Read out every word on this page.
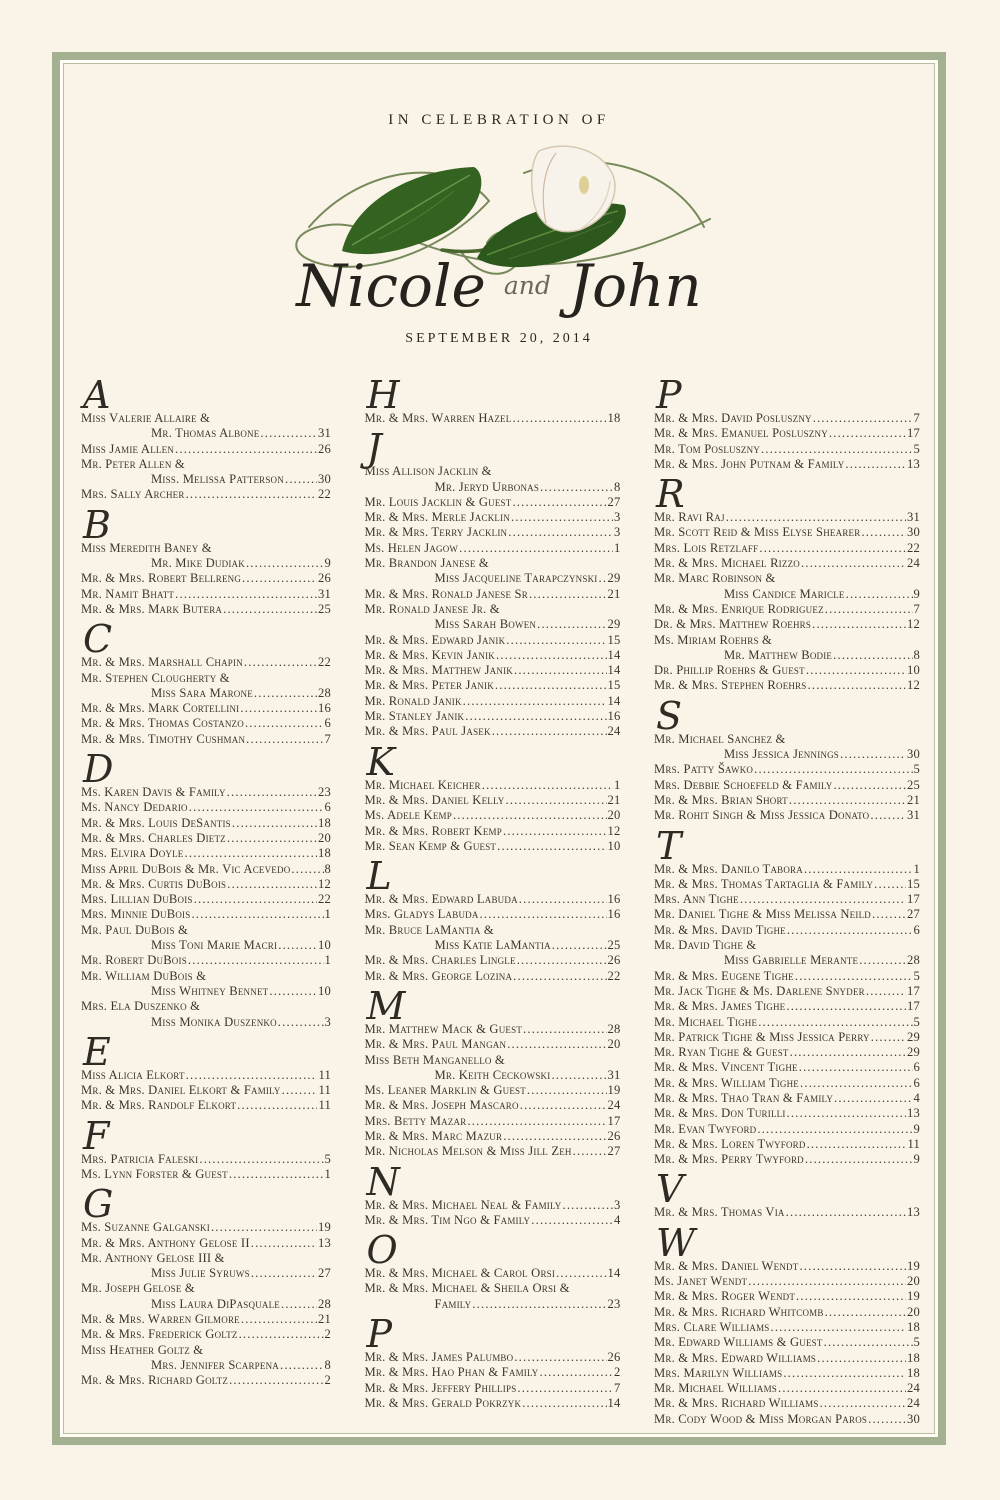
IN CELEBRATION OF
Nicole and John
SEPTEMBER 20, 2014
A
Miss Valerie Allaire &
Mr. Thomas Albone .....	31
Miss Jamie Allen .....	26
Mr. Peter Allen &
Miss. Melissa Patterson .....	30
Mrs. Sally Archer .....	22
B
Miss Meredith Baney &
Mr. Mike Dudiak .....	9
Mr. & Mrs. Robert Bellreng .....	26
Mr. Namit Bhatt .....	31
Mr. & Mrs. Mark Butera .....	25
C
Mr. & Mrs. Marshall Chapin .....	22
Mr. Stephen Clougherty &
Miss Sara Marone .....	28
Mr. & Mrs. Mark Cortellini .....	16
Mr. & Mrs. Thomas Costanzo .....	6
Mr. & Mrs. Timothy Cushman .....	7
D
Ms. Karen Davis & Family .....	23
Ms. Nancy Dedario .....	6
Mr. & Mrs. Louis DeSantis .....	18
Mr. & Mrs. Charles Dietz .....	20
Mrs. Elvira Doyle .....	18
Miss April DuBois & Mr. Vic Acevedo .....	8
Mr. & Mrs. Curtis DuBois .....	12
Mrs. Lillian DuBois .....	22
Mrs. Minnie DuBois .....	1
Mr. Paul DuBois &
Miss Toni Marie Macri .....	10
Mr. Robert DuBois .....	1
Mr. William DuBois &
Miss Whitney Bennet .....	10
Mrs. Ela Duszenko &
Miss Monika Duszenko .....	3
E
Miss Alicia Elkort .....	11
Mr. & Mrs. Daniel Elkort & Family .....	11
Mr. & Mrs. Randolf Elkort .....	11
F
Mrs. Patricia Faleski .....	5
Ms. Lynn Forster & Guest .....	1
G
Ms. Suzanne Galganski .....	19
Mr. & Mrs. Anthony Gelose II .....	13
Mr. Anthony Gelose III &
Miss Julie Syruws .....	27
Mr. Joseph Gelose &
Miss Laura DiPasquale .....	28
Mr. & Mrs. Warren Gilmore .....	21
Mr. & Mrs. Frederick Goltz .....	2
Miss Heather Goltz &
Mrs. Jennifer Scarpena .....	8
Mr. & Mrs. Richard Goltz .....	2
H
Mr. & Mrs. Warren Hazel .....	18
J
Miss Allison Jacklin &
Mr. Jeryd Urbonas .....	8
Mr. Louis Jacklin & Guest .....	27
Mr. & Mrs. Merle Jacklin .....	3
Mr. & Mrs. Terry Jacklin .....	3
Ms. Helen Jagow .....	1
Mr. Brandon Janese &
Miss Jacqueline Tarapczynski ..... 29
Mr. & Mrs. Ronald Janese Sr .....	21
Mr. Ronald Janese Jr. &
Miss Sarah Bowen .....	29
Mr. & Mrs. Edward Janik .....	15
Mr. & Mrs. Kevin Janik .....	14
Mr. & Mrs. Matthew Janik .....	14
Mr. & Mrs. Peter Janik .....	15
Mr. Ronald Janik .....	14
Mr. Stanley Janik .....	16
Mr. & Mrs. Paul Jasek .....	24
K
Mr. Michael Keicher .....	1
Mr. & Mrs. Daniel Kelly .....	21
Ms. Adele Kemp .....	20
Mr. & Mrs. Robert Kemp .....	12
Mr. Sean Kemp & Guest .....	10
L
Mr. & Mrs. Edward Labuda .....	16
Mrs. Gladys Labuda .....	16
Mr. Bruce LaMantia &
Miss Katie LaMantia .....	25
Mr. & Mrs. Charles Lingle .....	26
Mr. & Mrs. George Lozina .....	22
M
Mr. Matthew Mack & Guest .....	28
Mr. & Mrs. Paul Mangan .....	20
Miss Beth Manganello &
Mr. Keith Ceckowski .....	31
Ms. Leaner Marklin & Guest .....	19
Mr. & Mrs. Joseph Mascaro .....	24
Mrs. Betty Mazar .....	17
Mr. & Mrs. Marc Mazur .....	26
Mr. Nicholas Melson & Miss Jill Zeh .....	27
N
Mr. & Mrs. Michael Neal & Family .....	3
Mr. & Mrs. Tim Ngo & Family .....	4
O
Mr. & Mrs. Michael & Carol Orsi .....	14
Mr. & Mrs. Michael & Sheila Orsi &
Family .....	23
P
Mr. & Mrs. James Palumbo .....	26
Mr. & Mrs. Hao Phan & Family .....	2
Mr. & Mrs. Jeffery Phillips .....	7
Mr. & Mrs. Gerald Pokrzyk .....	14
P
Mr. & Mrs. David Posluszny .....	7
Mr. & Mrs. Emanuel Posluszny .....	17
Mr. Tom Posluszny .....	5
Mr. & Mrs. John Putnam & Family .....	13
R
Mr. Ravi Raj .....	31
Mr. Scott Reid & Miss Elyse Shearer .....	30
Mrs. Lois Retzlaff .....	22
Mr. & Mrs. Michael Rizzo .....	24
Mr. Marc Robinson &
Miss Candice Maricle .....	9
Mr. & Mrs. Enrique Rodriguez .....	7
Dr. & Mrs. Matthew Roehrs .....	12
Ms. Miriam Roehrs &
Mr. Matthew Bodie .....	8
Dr. Phillip Roehrs & Guest .....	10
Mr. & Mrs. Stephen Roehrs .....	12
S
Mr. Michael Sanchez &
Miss Jessica Jennings .....	30
Mrs. Patty Šawko .....	5
Mrs. Debbie Schoefeld & Family .....	25
Mr. & Mrs. Brian Short .....	21
Mr. Rohit Singh & Miss Jessica Donato .....	31
T
Mr. & Mrs. Danilo Tabora .....	1
Mr. & Mrs. Thomas Tartaglia & Family .....	15
Mrs. Ann Tighe .....	17
Mr. Daniel Tighe & Miss Melissa Neild .....	27
Mr. & Mrs. David Tighe .....	6
Mr. David Tighe &
Miss Gabrielle Merante .....	28
Mr. & Mrs. Eugene Tighe .....	5
Mr. Jack Tighe & Ms. Darlene Snyder .....	17
Mr. & Mrs. James Tighe .....	17
Mr. Michael Tighe .....	5
Mr. Patrick Tighe & Miss Jessica Perry .....	29
Mr. Ryan Tighe & Guest .....	29
Mr. & Mrs. Vincent Tighe .....	6
Mr. & Mrs. William Tighe .....	6
Mr. & Mrs. Thao Tran & Family .....	4
Mr. & Mrs. Don Turilli .....	13
Mr. Evan Twyford .....	9
Mr. & Mrs. Loren Twyford .....	11
Mr. & Mrs. Perry Twyford .....	9
V
Mr. & Mrs. Thomas Via .....	13
W
Mr. & Mrs. Daniel Wendt .....	19
Ms. Janet Wendt .....	20
Mr. & Mrs. Roger Wendt .....	19
Mr. & Mrs. Richard Whitcomb .....	20
Mrs. Clare Williams .....	18
Mr. Edward Williams & Guest .....	5
Mr. & Mrs. Edward Williams .....	18
Mrs. Marilyn Williams .....	18
Mr. Michael Williams .....	24
Mr. & Mrs. Richard Williams .....	24
Mr. Cody Wood & Miss Morgan Paros .....	30
